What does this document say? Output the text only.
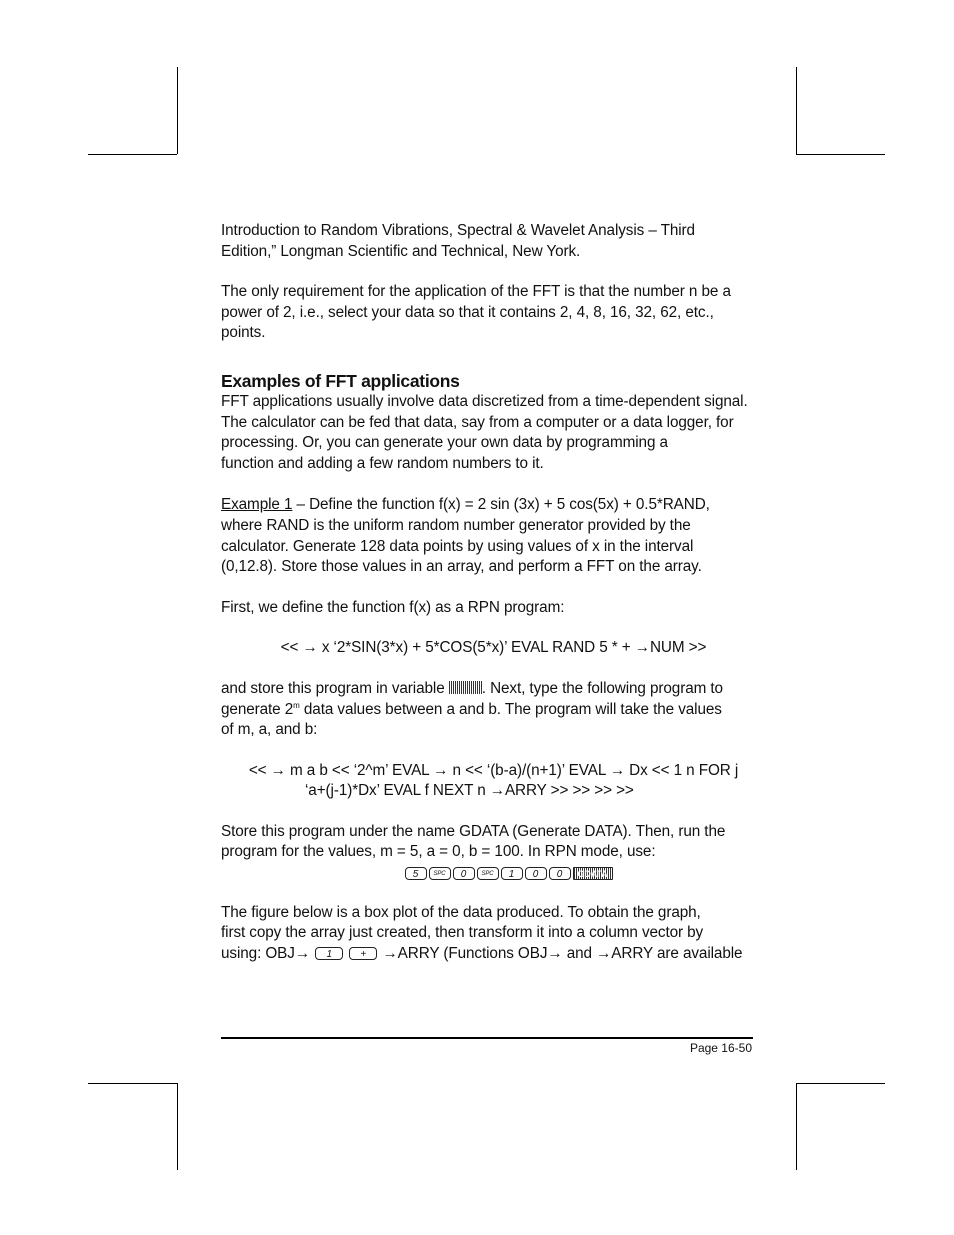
Introduction to Random Vibrations, Spectral & Wavelet Analysis – Third

Edition,” Longman Scientific and Technical, New York.

The only requirement for the application of the FFT is that the number n be a

power of 2, i.e., select your data so that it contains 2, 4, 8, 16, 32, 62, etc.,

points.

Examples of FFT applications

FFT applications usually involve data discretized from a time-dependent signal.

The calculator can be fed that data, say from a computer or a data logger, for

processing. Or, you can generate your own data by programming a

function and adding a few random numbers to it.

Example 1 – Define the function f(x) = 2 sin (3x) + 5 cos(5x) + 0.5*RAND,

where RAND is the uniform random number generator provided by the

calculator. Generate 128 data points by using values of x in the interval

(0,12.8). Store those values in an array, and perform a FFT on the array.

First, we define the function f(x) as a RPN program:

<< → x ‘2*SIN(3*x) + 5*COS(5*x)’ EVAL RAND 5 * + →NUM >>

and store this program in variable . Next, type the following program to

generate 2$^m$ data values between a and b. The program will take the values

of m, a, and b:

<< → m a b << ‘2^m’ EVAL → n << ‘(b-a)/(n+1)’ EVAL → Dx << 1 n FOR j

‘a+(j-1)*Dx’ EVAL f NEXT n →ARRY >> >> >> >>

Store this program under the name GDATA (Generate DATA). Then, run the

program for the values, m = 5, a = 0, b = 100. In RPN mode, use:

5	SPC 0	SPC 1 0 0 GDATA

The figure below is a box plot of the data produced. To obtain the graph,

first copy the array just created, then transform it into a column vector by

using: OBJ→ 1	+ →ARRY (Functions OBJ→ and →ARRY are available

Page 16-50
